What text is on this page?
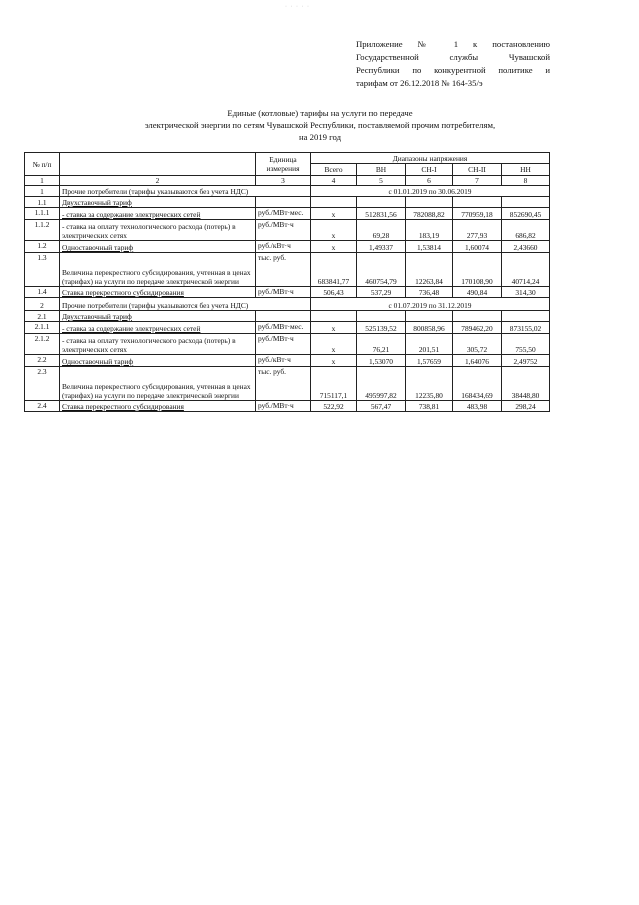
· · · · ·
Приложение № 1 к постановлению
Государственной службы Чувашской
Республики по конкурентной политике и
тарифам от 26.12.2018 № 164-35/э
Единые (котловые) тарифы на услуги по передаче
электрической энергии по сетям Чувашской Республики, поставляемой прочим потребителям,
на 2019 год
№ п/п		Единица измерения	Диапазоны напряжения				
			Всего	ВН	СН-I	СН-II	НН
1	2	3	4	5	6	7	8
1	Прочие потребители (тарифы указываются без учета НДС)		с 01.01.2019 по 30.06.2019				
1.1	Двухставочный тариф						
1.1.1	- ставка за содержание электрических сетей	руб./МВт·мес.	x	512831,56	782088,82	770959,18	852690,45
1.1.2	- ставка на оплату технологического расхода (потерь) в электрических сетях	руб./МВт·ч	x	69,28	183,19	277,93	686,82
1.2	Одноставочный тариф	руб./кВт·ч	x	1,49337	1,53814	1,60074	2,43660
1.3	Величина перекрестного субсидирования, учтенная в ценах (тарифах) на услуги по передаче электрической энергии	тыс. руб.	683841,77	460754,79	12263,84	170108,90	40714,24
1.4	Ставка перекрестного субсидирования	руб./МВт·ч	506,43	537,29	736,48	490,84	314,30
2	Прочие потребители (тарифы указываются без учета НДС)		с 01.07.2019 по 31.12.2019				
2.1	Двухставочный тариф						
2.1.1	- ставка за содержание электрических сетей	руб./МВт·мес.	x	525139,52	800858,96	789462,20	873155,02
2.1.2	- ставка на оплату технологического расхода (потерь) в электрических сетях	руб./МВт·ч	x	76,21	201,51	305,72	755,50
2.2	Одноставочный тариф	руб./кВт·ч	x	1,53070	1,57659	1,64076	2,49752
2.3	Величина перекрестного субсидирования, учтенная в ценах (тарифах) на услуги по передаче электрической энергии	тыс. руб.	715117,1	495997,82	12235,80	168434,69	38448,80
2.4	Ставка перекрестного субсидирования	руб./МВт·ч	522,92	567,47	738,81	483,98	298,24
